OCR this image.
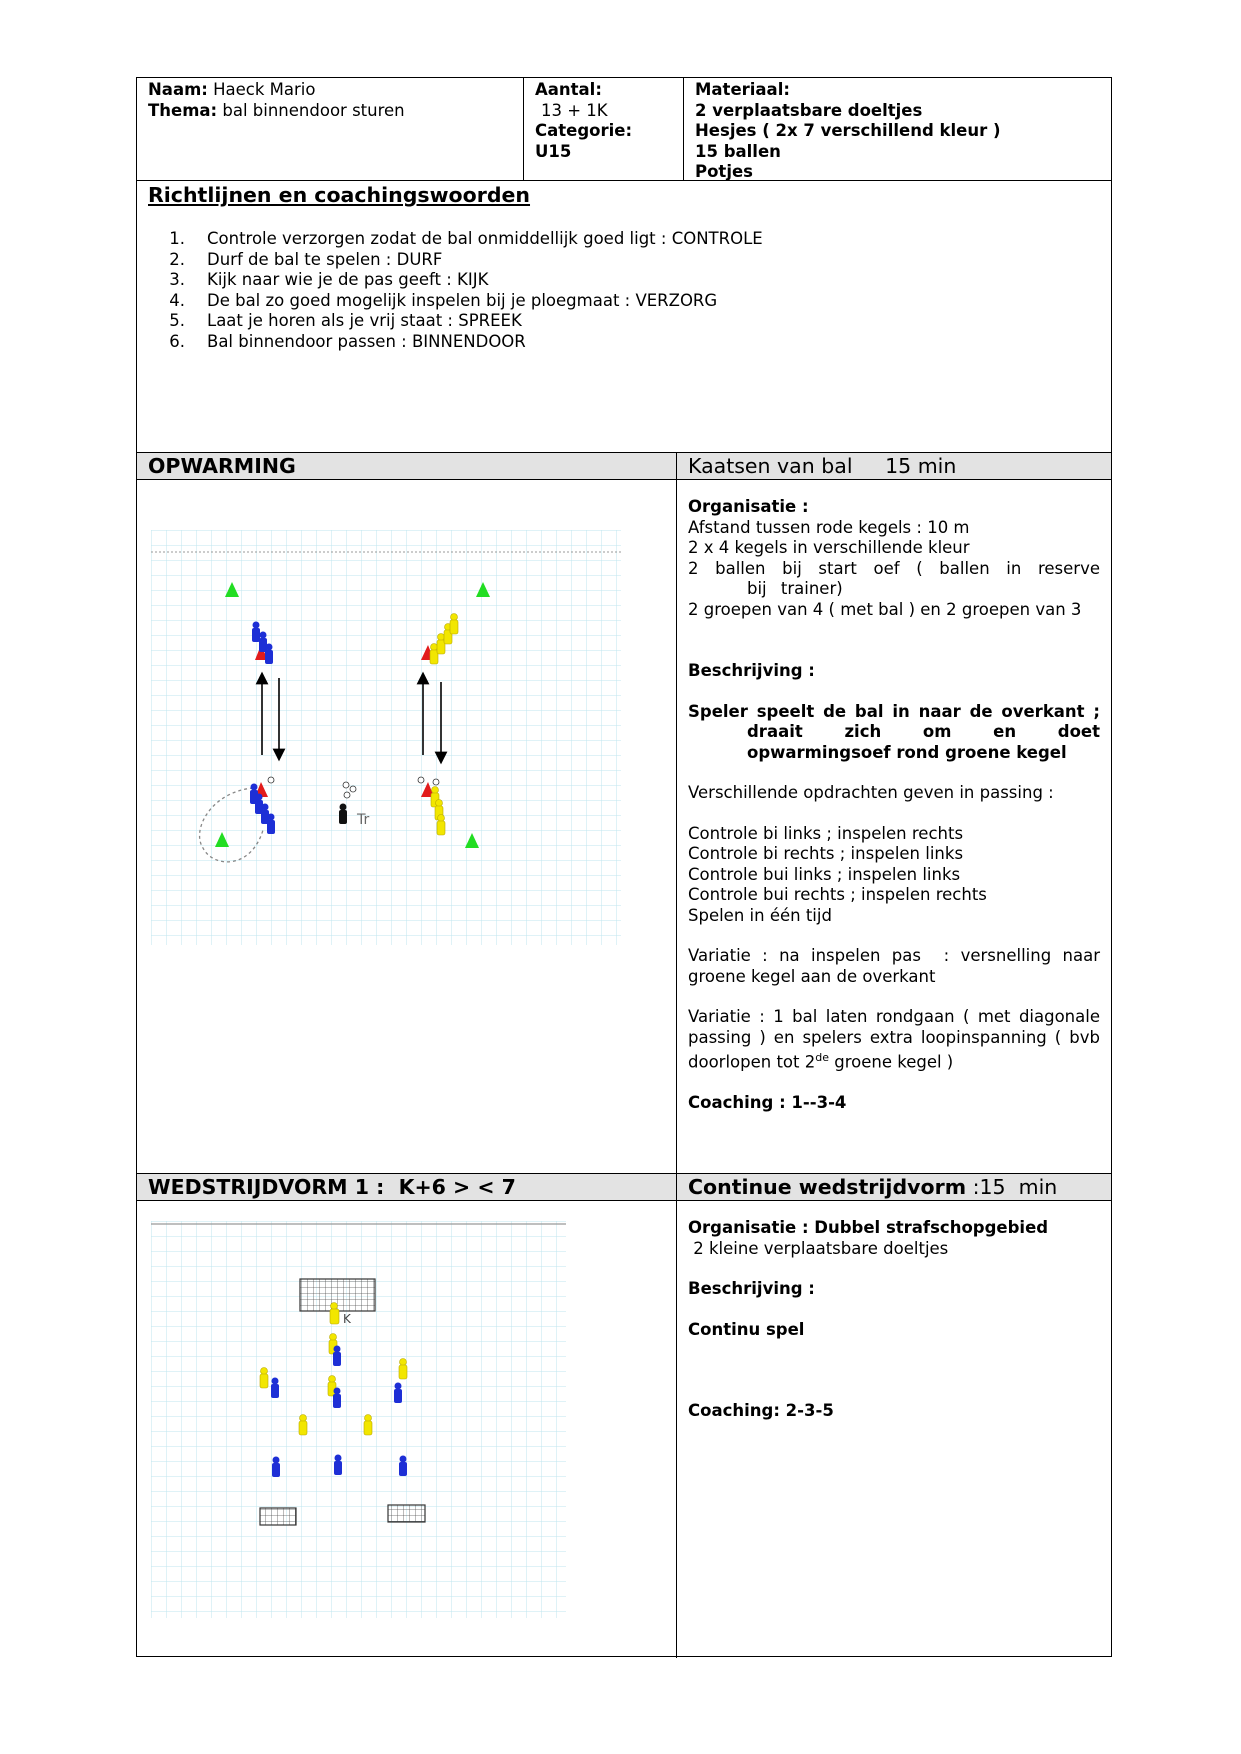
Naam: Haeck Mario
Thema: bal binnendoor sturen
Aantal:
13 + 1K
Categorie:
U15
Materiaal:
2 verplaatsbare doeltjes
Hesjes ( 2x 7 verschillend kleur )
15 ballen
Potjes
Richtlijnen en coachingswoorden
1. Controle verzorgen zodat de bal onmiddellijk goed ligt : CONTROLE
2. Durf de bal te spelen : DURF
3. Kijk naar wie je de pas geeft : KIJK
4. De bal zo goed mogelijk inspelen bij je ploegmaat : VERZORG
5. Laat je horen als je vrij staat : SPREEK
6. Bal binnendoor passen : BINNENDOOR
OPWARMING	Kaatsen van bal     15 min
Tr
Organisatie :
Afstand tussen rode kegels : 10 m
2 x 4 kegels in verschillende kleur
2 ballen bij start oef ( ballen in reserve bij trainer)
2 groepen van 4 ( met bal ) en 2 groepen van 3
Beschrijving :
Speler speelt de bal in naar de overkant ; draait zich om en doet opwarmingsoef rond groene kegel
Verschillende opdrachten geven in passing :
Controle bi links ; inspelen rechts
Controle bi rechts ; inspelen links
Controle bui links ; inspelen links
Controle bui rechts ; inspelen rechts
Spelen in één tijd
Variatie  :  na  inspelen  pas    :  versnelling  naar groene kegel aan de overkant
Variatie : 1 bal laten rondgaan ( met diagonale passing ) en spelers extra loopinspanning ( bvb doorlopen tot 2de groene kegel )
Coaching : 1--3-4
WEDSTRIJDVORM 1 :  K+6 > < 7	Continue wedstrijdvorm :15  min
K
Organisatie : Dubbel strafschopgebied
2 kleine verplaatsbare doeltjes
Beschrijving :
Continu spel
Coaching: 2-3-5
